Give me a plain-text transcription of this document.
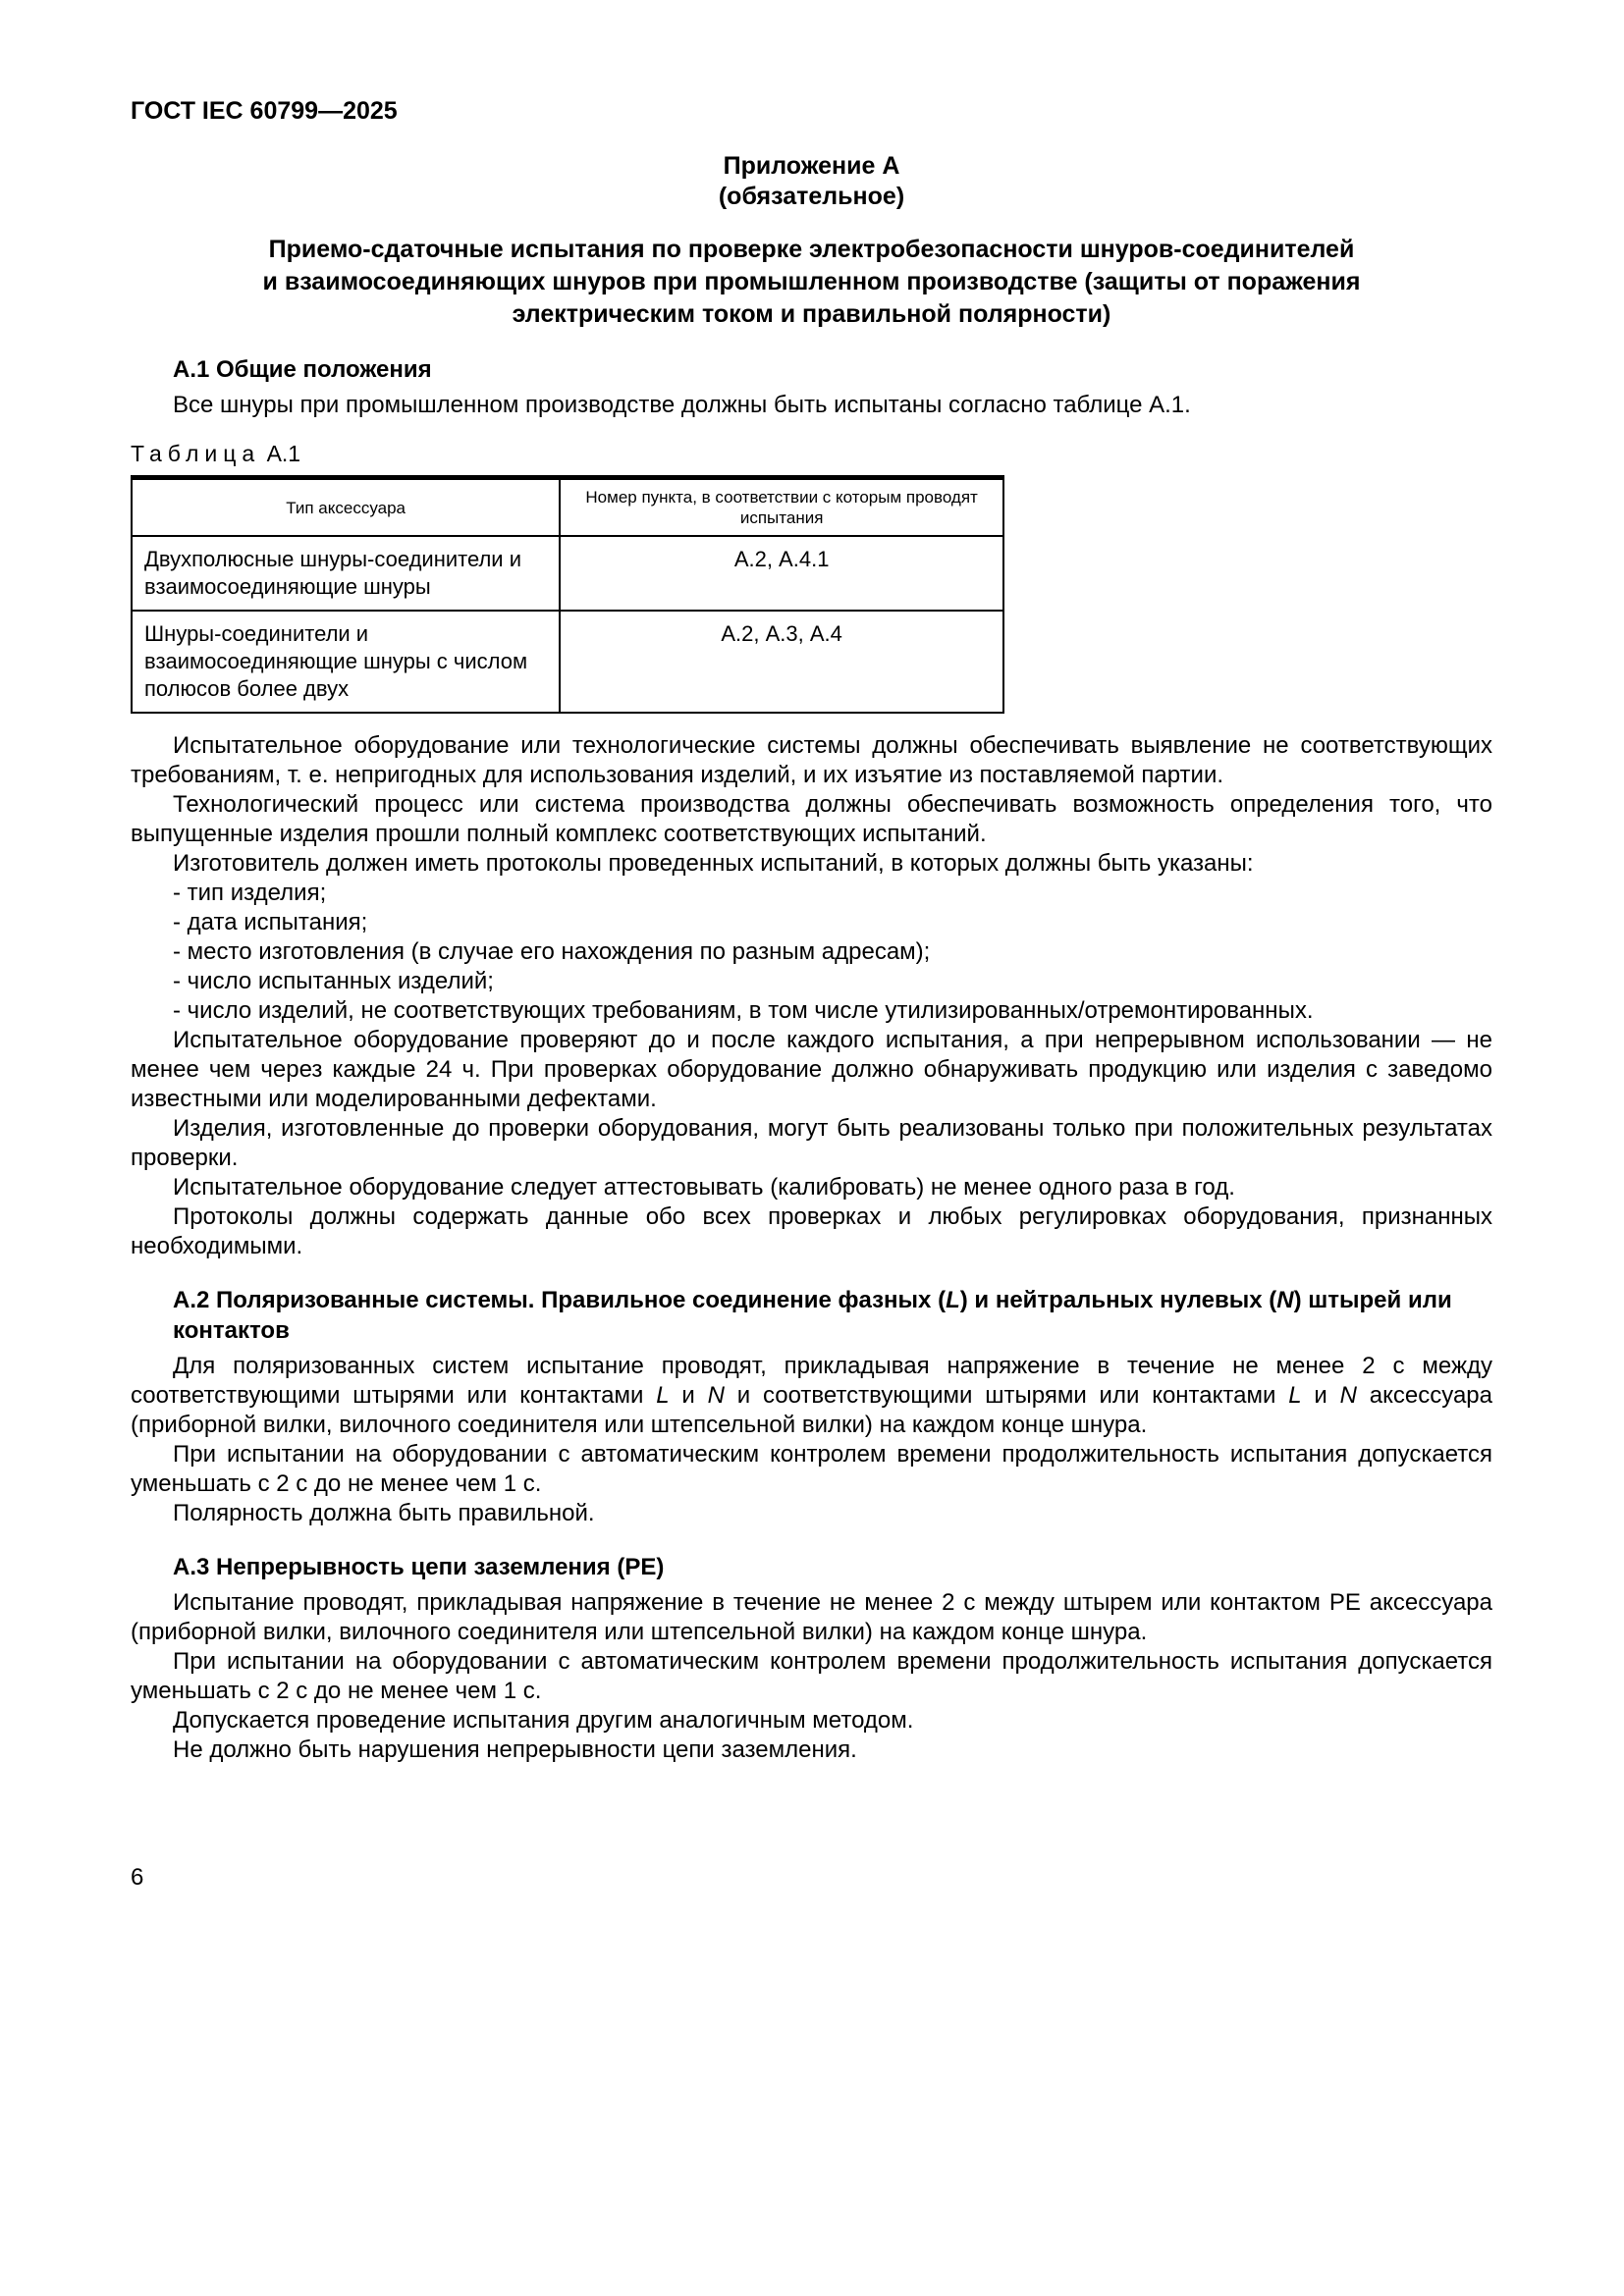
ГОСТ IEC 60799—2025
Приложение А
(обязательное)
Приемо-сдаточные испытания по проверке электробезопасности шнуров-соединителей
и взаимосоединяющих шнуров при промышленном производстве (защиты от поражения
электрическим током и правильной полярности)
А.1 Общие положения

Все шнуры при промышленном производстве должны быть испытаны согласно таблице А.1.

Таблица А.1
Тип аксессуара	Номер пункта, в соответствии с которым проводят испытания
Двухполюсные шнуры-соединители и взаимосоединяющие шнуры	А.2, А.4.1
Шнуры-соединители и взаимосоединяющие шнуры с числом полюсов более двух	А.2, А.3, А.4

Испытательное оборудование или технологические системы должны обеспечивать выявление не соответствующих требованиям, т. е. непригодных для использования изделий, и их изъятие из поставляемой партии.

Технологический процесс или система производства должны обеспечивать возможность определения того, что выпущенные изделия прошли полный комплекс соответствующих испытаний.

Изготовитель должен иметь протоколы проведенных испытаний, в которых должны быть указаны:

- тип изделия;

- дата испытания;

- место изготовления (в случае его нахождения по разным адресам);

- число испытанных изделий;

- число изделий, не соответствующих требованиям, в том числе утилизированных/отремонтированных.

Испытательное оборудование проверяют до и после каждого испытания, а при непрерывном использовании — не менее чем через каждые 24 ч. При проверках оборудование должно обнаруживать продукцию или изделия с заведомо известными или моделированными дефектами.

Изделия, изготовленные до проверки оборудования, могут быть реализованы только при положительных результатах проверки.

Испытательное оборудование следует аттестовывать (калибровать) не менее одного раза в год.

Протоколы должны содержать данные обо всех проверках и любых регулировках оборудования, признанных необходимыми.

А.2 Поляризованные системы. Правильное соединение фазных (L) и нейтральных нулевых (N) штырей или контактов

Для поляризованных систем испытание проводят, прикладывая напряжение в течение не менее 2 с между соответствующими штырями или контактами L и N и соответствующими штырями или контактами L и N аксессуара (приборной вилки, вилочного соединителя или штепсельной вилки) на каждом конце шнура.

При испытании на оборудовании с автоматическим контролем времени продолжительность испытания допускается уменьшать с 2 с до не менее чем 1 с.

Полярность должна быть правильной.

А.3 Непрерывность цепи заземления (РЕ)

Испытание проводят, прикладывая напряжение в течение не менее 2 с между штырем или контактом РЕ аксессуара (приборной вилки, вилочного соединителя или штепсельной вилки) на каждом конце шнура.

При испытании на оборудовании с автоматическим контролем времени продолжительность испытания допускается уменьшать с 2 с до не менее чем 1 с.

Допускается проведение испытания другим аналогичным методом.

Не должно быть нарушения непрерывности цепи заземления.

6
